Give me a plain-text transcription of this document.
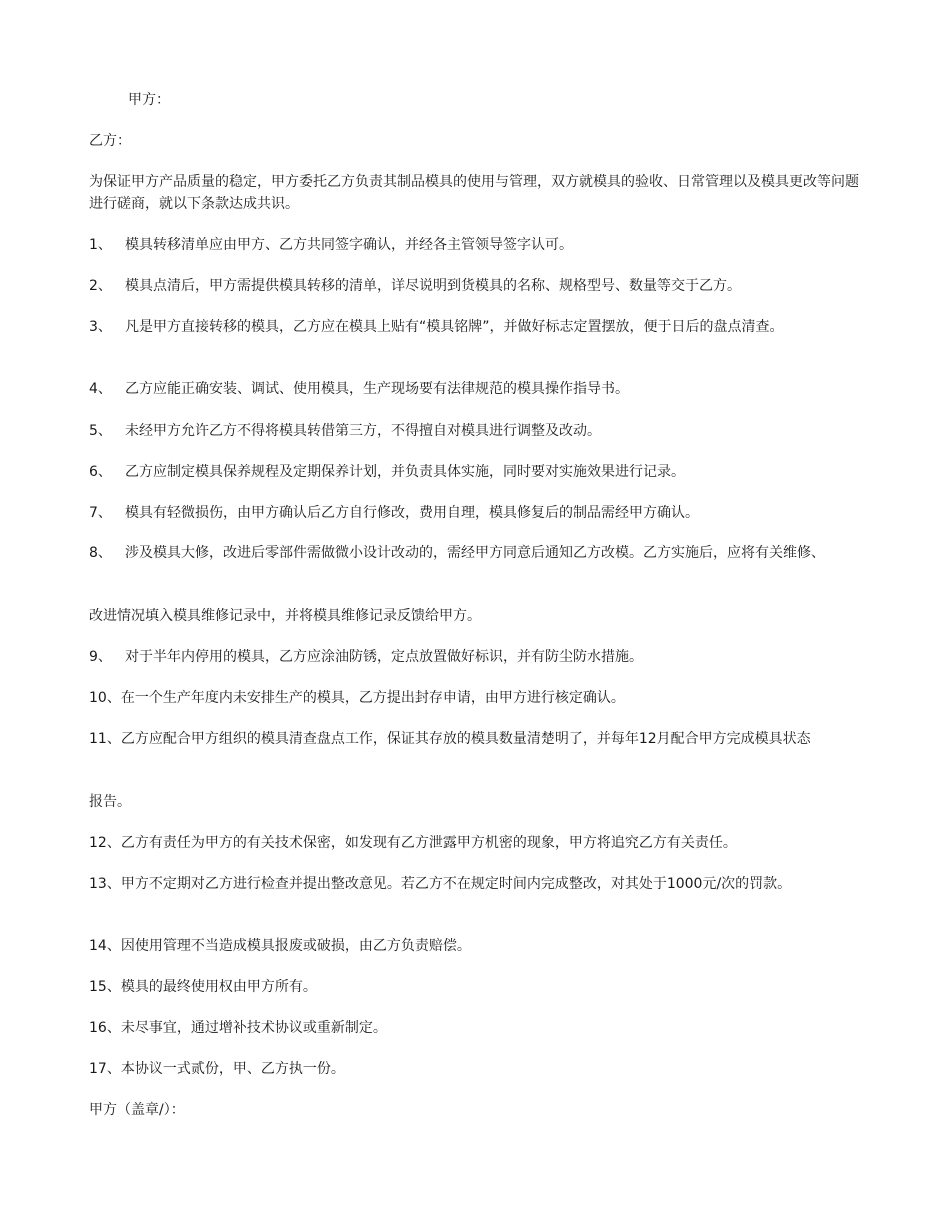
甲方：
乙方：
为保证甲方产品质量的稳定，甲方委托乙方负责其制品模具的使用与管理，双方就模具的验收、日常管理以及模具更改等问题进行磋商，就以下条款达成共识。
1、 模具转移清单应由甲方、乙方共同签字确认，并经各主管领导签字认可。
2、 模具点清后，甲方需提供模具转移的清单，详尽说明到货模具的名称、规格型号、数量等交于乙方。
3、 凡是甲方直接转移的模具，乙方应在模具上贴有“模具铭牌”，并做好标志定置摆放，便于日后的盘点清查。
4、 乙方应能正确安装、调试、使用模具，生产现场要有法律规范的模具操作指导书。
5、 未经甲方允许乙方不得将模具转借第三方，不得擅自对模具进行调整及改动。
6、 乙方应制定模具保养规程及定期保养计划，并负责具体实施，同时要对实施效果进行记录。
7、 模具有轻微损伤，由甲方确认后乙方自行修改，费用自理，模具修复后的制品需经甲方确认。
8、 涉及模具大修，改进后零部件需做微小设计改动的，需经甲方同意后通知乙方改模。乙方实施后，应将有关维修、
改进情况填入模具维修记录中，并将模具维修记录反馈给甲方。
9、 对于半年内停用的模具，乙方应涂油防锈，定点放置做好标识，并有防尘防水措施。
10、在一个生产年度内未安排生产的模具，乙方提出封存申请，由甲方进行核定确认。
11、乙方应配合甲方组织的模具清查盘点工作，保证其存放的模具数量清楚明了，并每年12月配合甲方完成模具状态
报告。
12、乙方有责任为甲方的有关技术保密，如发现有乙方泄露甲方机密的现象，甲方将追究乙方有关责任。
13、甲方不定期对乙方进行检查并提出整改意见。若乙方不在规定时间内完成整改，对其处于1000元/次的罚款。
14、因使用管理不当造成模具报废或破损，由乙方负责赔偿。
15、模具的最终使用权由甲方所有。
16、未尽事宜，通过增补技术协议或重新制定。
17、本协议一式贰份，甲、乙方执一份。
甲方（盖章/）：
